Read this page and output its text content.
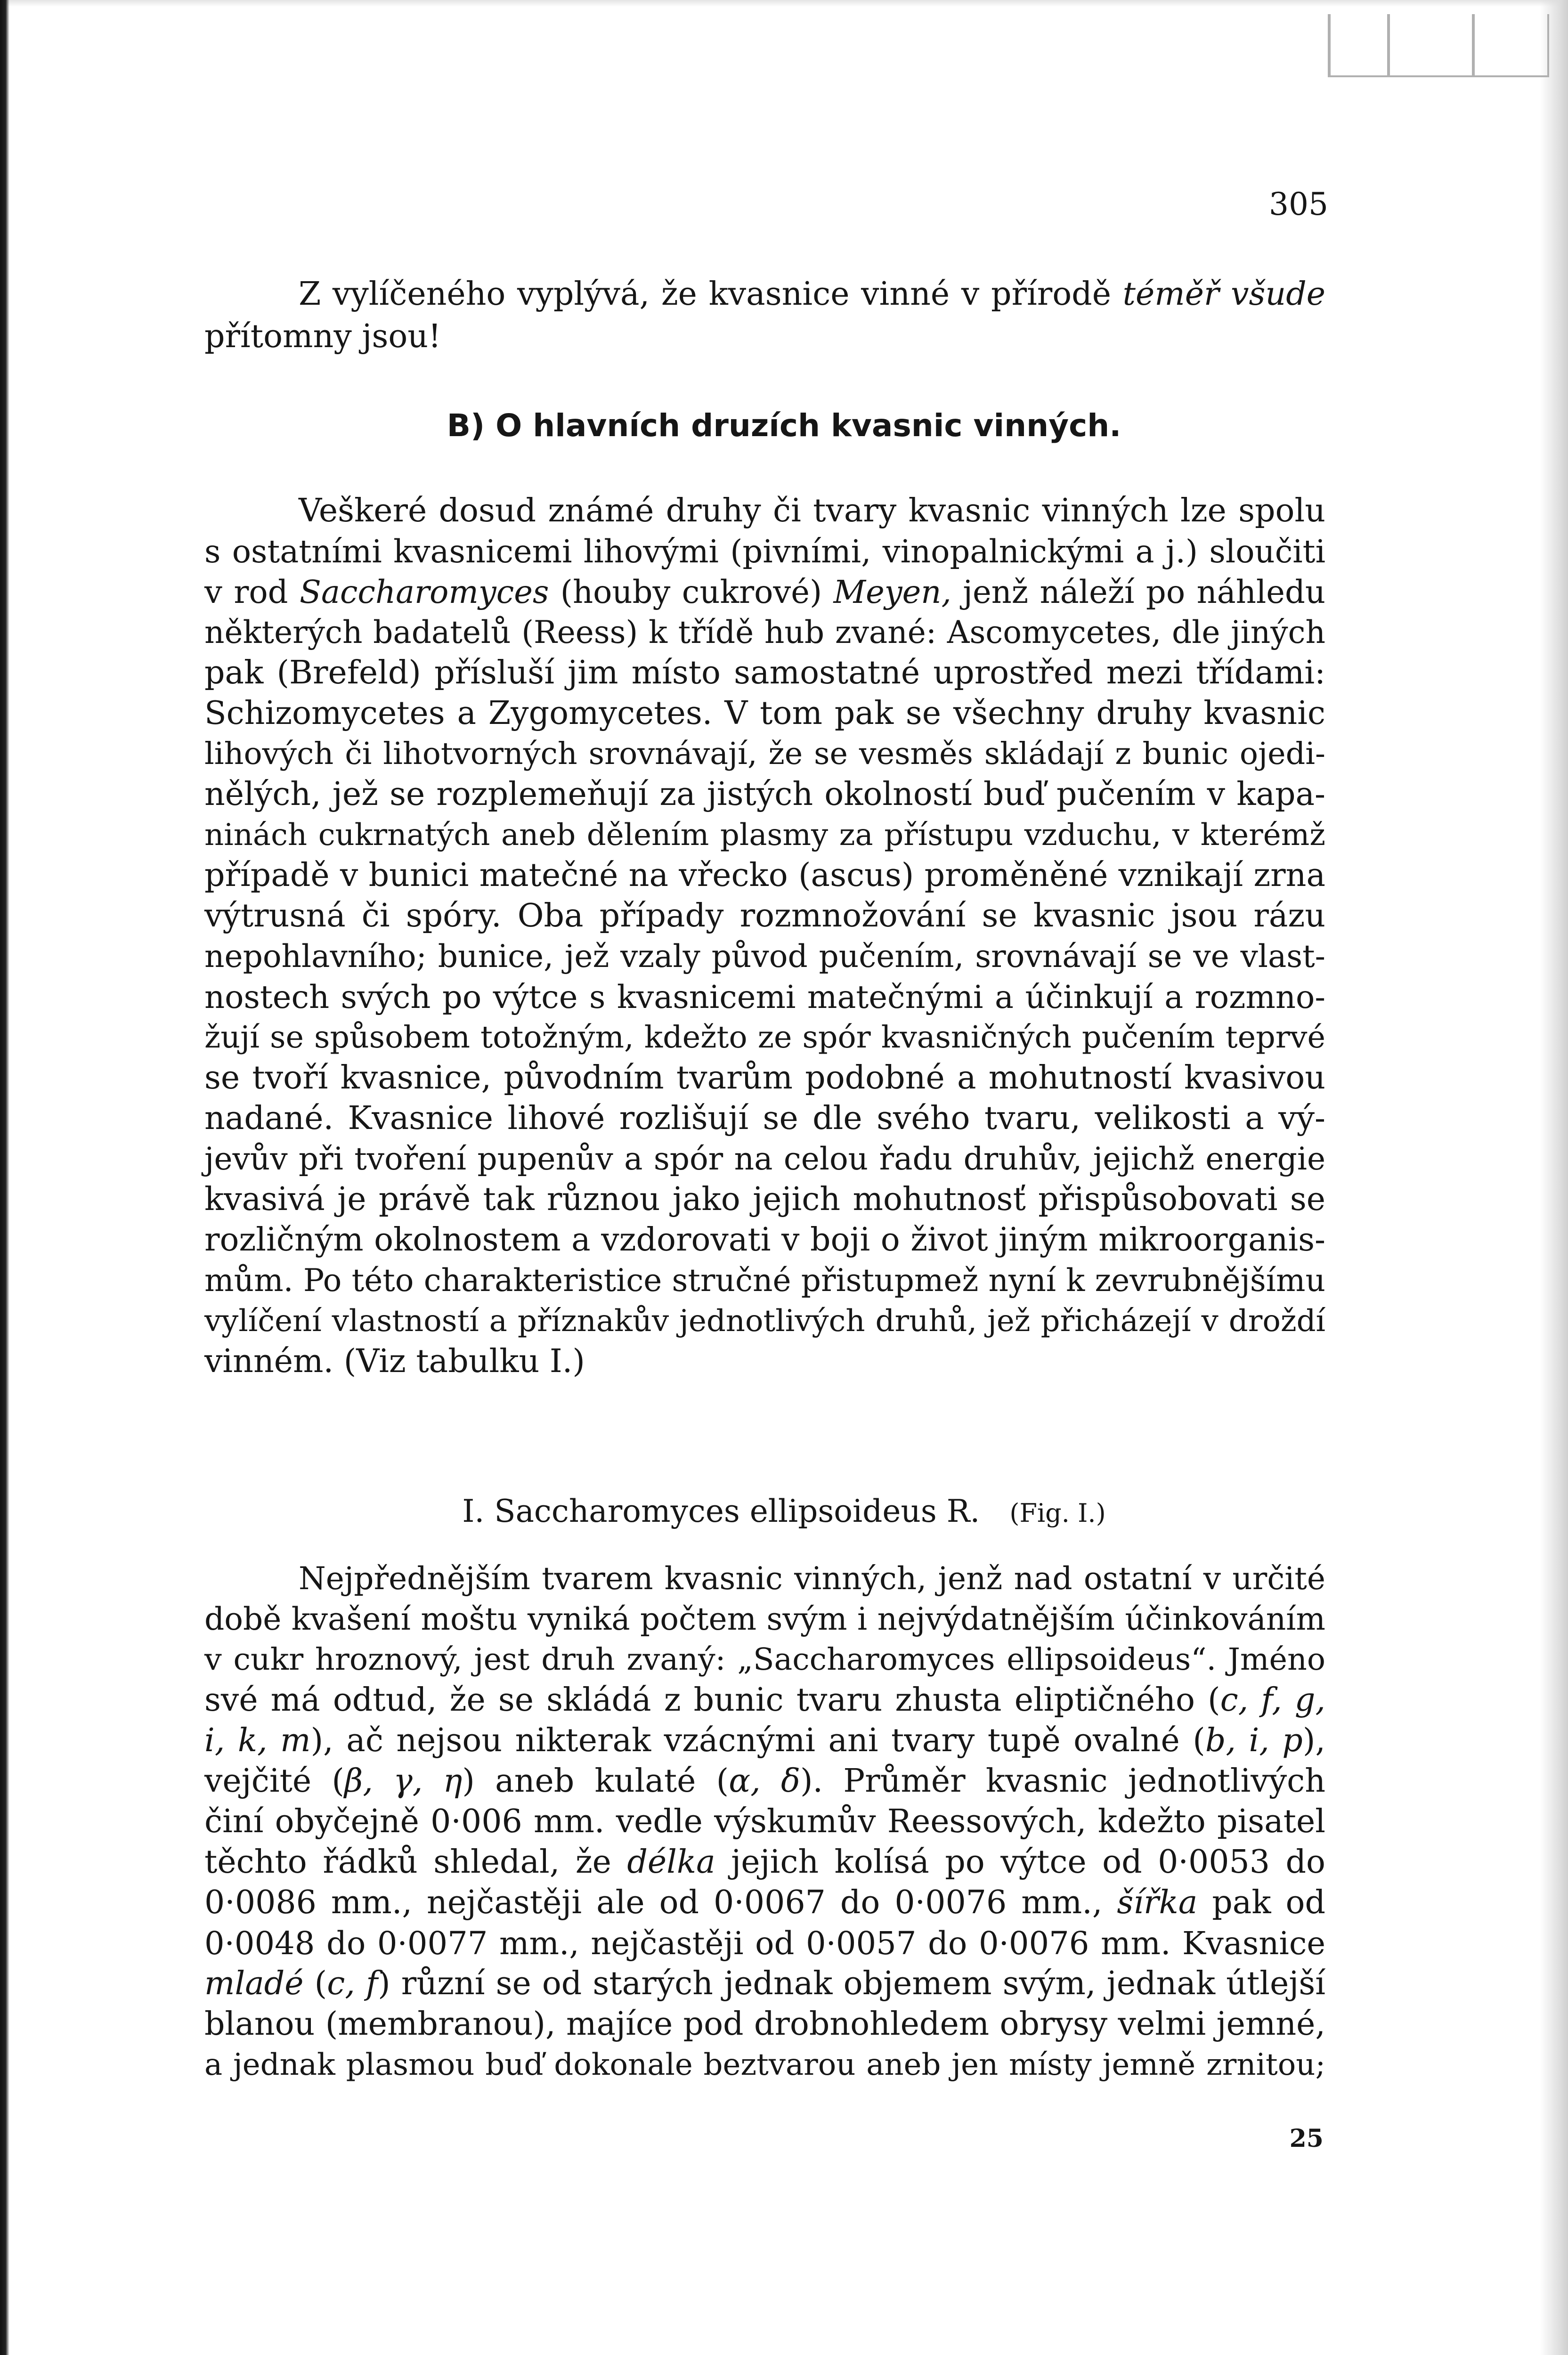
305
Z vylíčeného vyplývá, že kvasnice vinné v přírodě téměř všude
přítomny jsou!
B) O hlavních druzích kvasnic vinných.
Veškeré dosud známé druhy či tvary kvasnic vinných lze spolu
s ostatními kvasnicemi lihovými (pivními, vinopalnickými a j.) sloučiti
v rod Saccharomyces (houby cukrové) Meyen, jenž náleží po náhledu
některých badatelů (Reess) k třídě hub zvané: Ascomycetes, dle jiných
pak (Brefeld) přísluší jim místo samostatné uprostřed mezi třídami:
Schizomycetes a Zygomycetes. V tom pak se všechny druhy kvasnic
lihových či lihotvorných srovnávají, že se vesměs skládají z bunic ojedi-
nělých, jež se rozplemeňují za jistých okolností buď pučením v kapa-
ninách cukrnatých aneb dělením plasmy za přístupu vzduchu, v kterémž
případě v bunici matečné na vřecko (ascus) proměněné vznikají zrna
výtrusná či spóry. Oba případy rozmnožování se kvasnic jsou rázu
nepohlavního; bunice, jež vzaly původ pučením, srovnávají se ve vlast-
nostech svých po výtce s kvasnicemi matečnými a účinkují a rozmno-
žují se spůsobem totožným, kdežto ze spór kvasničných pučením teprvé
se tvoří kvasnice, původním tvarům podobné a mohutností kvasivou
nadané. Kvasnice lihové rozlišují se dle svého tvaru, velikosti a vý-
jevův při tvoření pupenův a spór na celou řadu druhův, jejichž energie
kvasivá je právě tak různou jako jejich mohutnosť přispůsobovati se
rozličným okolnostem a vzdorovati v boji o život jiným mikroorganis-
mům. Po této charakteristice stručné přistupmež nyní k zevrubnějšímu
vylíčení vlastností a příznakův jednotlivých druhů, jež přicházejí v droždí
vinném. (Viz tabulku I.)
I. Saccharomyces ellipsoideus R. (Fig. I.)
Nejpřednějším tvarem kvasnic vinných, jenž nad ostatní v určité
době kvašení moštu vyniká počtem svým i nejvýdatnějším účinkováním
v cukr hroznový, jest druh zvaný: „Saccharomyces ellipsoideus“. Jméno
své má odtud, že se skládá z bunic tvaru zhusta eliptičného (c, f, g,
i, k, m), ač nejsou nikterak vzácnými ani tvary tupě ovalné (b, i, p),
vejčité (β, γ, η) aneb kulaté (α, δ). Průměr kvasnic jednotlivých
činí obyčejně 0·006 mm. vedle výskumův Reessových, kdežto pisatel
těchto řádků shledal, že délka jejich kolísá po výtce od 0·0053 do
0·0086 mm., nejčastěji ale od 0·0067 do 0·0076 mm., šířka pak od
0·0048 do 0·0077 mm., nejčastěji od 0·0057 do 0·0076 mm. Kvasnice
mladé (c, f) různí se od starých jednak objemem svým, jednak útlejší
blanou (membranou), majíce pod drobnohledem obrysy velmi jemné,
a jednak plasmou buď dokonale beztvarou aneb jen místy jemně zrnitou;
25
